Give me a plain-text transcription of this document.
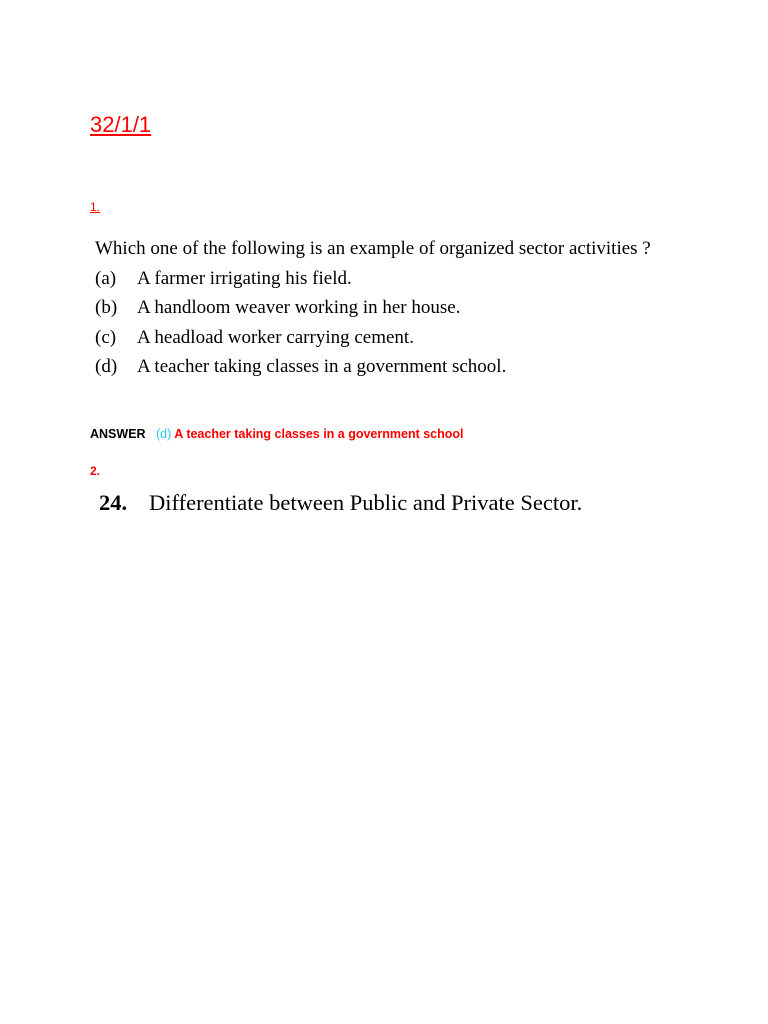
32/1/1
1.
Which one of the following is an example of organized sector activities ?
(a)	A farmer irrigating his field.
(b)	A handloom weaver working in her house.
(c)	A headload worker carrying cement.
(d)	A teacher taking classes in a government school.
ANSWER (d) A teacher taking classes in a government school
2.
24. Differentiate between Public and Private Sector.
